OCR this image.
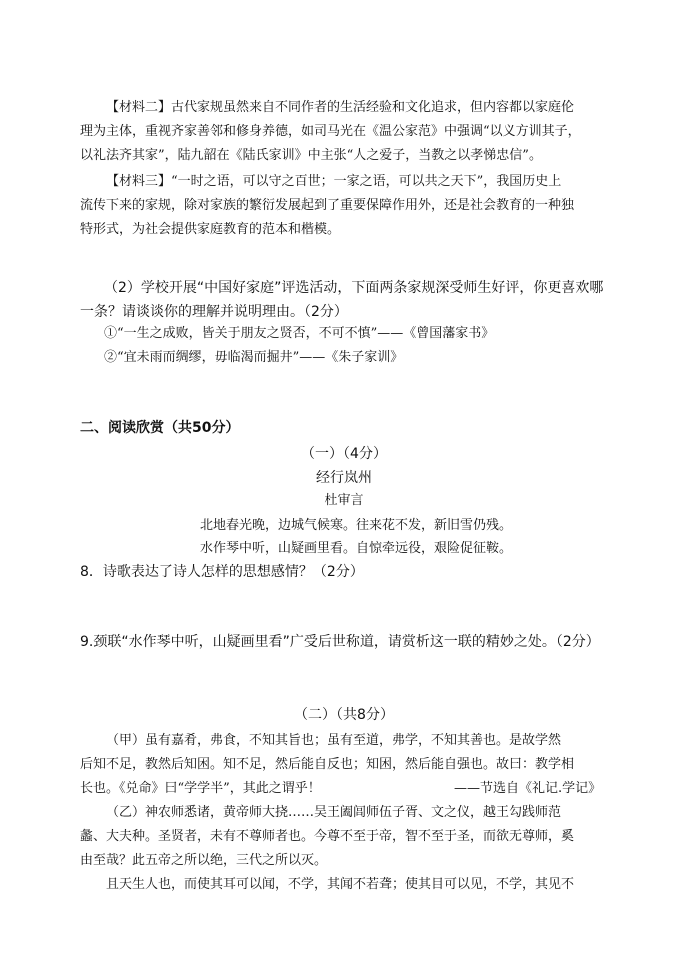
【材料二】古代家规虽然来自不同作者的生活经验和文化追求，但内容都以家庭伦
理为主体，重视齐家善邻和修身养德，如司马光在《温公家范》中强调“以义方训其子，
以礼法齐其家”，陆九韶在《陆氏家训》中主张“人之爱子，当教之以孝悌忠信”。
【材料三】“一时之语，可以守之百世；一家之语，可以共之天下”，我国历史上
流传下来的家规，除对家族的繁衍发展起到了重要保障作用外，还是社会教育的一种独
特形式，为社会提供家庭教育的范本和楷模。
（2）学校开展“中国好家庭”评选活动，下面两条家规深受师生好评，你更喜欢哪
一条？请谈谈你的理解并说明理由。（2分）
①“一生之成败，皆关于朋友之贤否，不可不慎”——《曾国藩家书》
②“宜未雨而绸缪，毋临渴而掘井”——《朱子家训》
二、阅读欣赏（共50分）
（一）（4分）
经行岚州
杜审言
北地春光晚，边城气候寒。往来花不发，新旧雪仍残。
水作琴中听，山疑画里看。自惊牵远役，艰险促征鞍。
8．诗歌表达了诗人怎样的思想感情？（2分）
9.颈联“水作琴中听，山疑画里看”广受后世称道，请赏析这一联的精妙之处。（2分）
（二）（共8分）
（甲）虽有嘉肴，弗食，不知其旨也；虽有至道，弗学，不知其善也。是故学然
后知不足，教然后知困。知不足，然后能自反也；知困，然后能自强也。故曰：教学相
长也。《兑命》曰“学学半”，其此之谓乎！	——节选自《礼记.学记》
（乙）神农师悉诸，黄帝师大挠……吴王阖闾师伍子胥、文之仪，越王勾践师范
蠡、大夫种。圣贤者，未有不尊师者也。今尊不至于帝，智不至于圣，而欲无尊师，奚
由至哉？此五帝之所以绝，三代之所以灭。
且天生人也，而使其耳可以闻，不学，其闻不若聋；使其目可以见，不学，其见不
